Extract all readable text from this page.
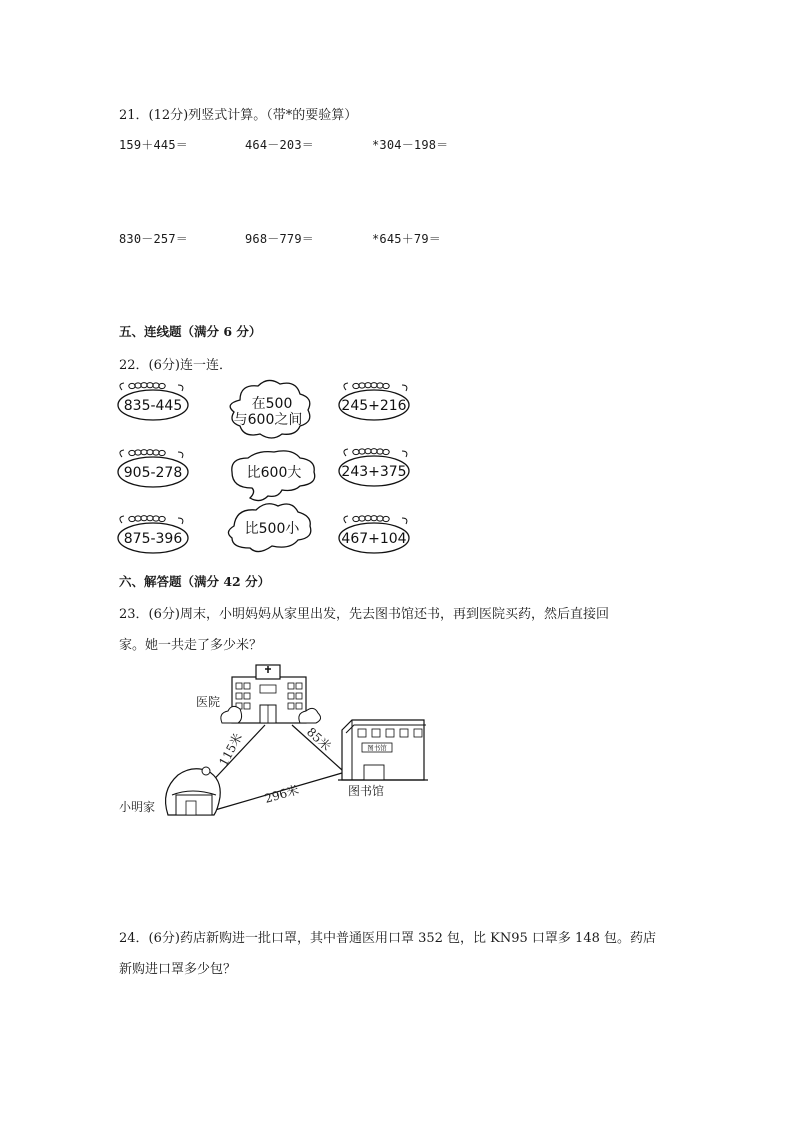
21．(12分)列竖式计算。（带*的要验算）
159＋445＝	464－203＝	*304－198＝
830－257＝	968－779＝	*645＋79＝
五、连线题（满分 6 分）
22．(6分)连一连．
835-445
905-278
875-396
在500
与600之间
比600大
比500小
245+216
243+375
467+104
六、解答题（满分 42 分）
23．(6分)周末，小明妈妈从家里出发，先去图书馆还书，再到医院买药，然后直接回
家。她一共走了多少米？
医院
图书馆
图书馆
小明家
115米	85米
296米
24．(6分)药店新购进一批口罩，其中普通医用口罩 352 包，比 KN95 口罩多 148 包。药店
新购进口罩多少包？
